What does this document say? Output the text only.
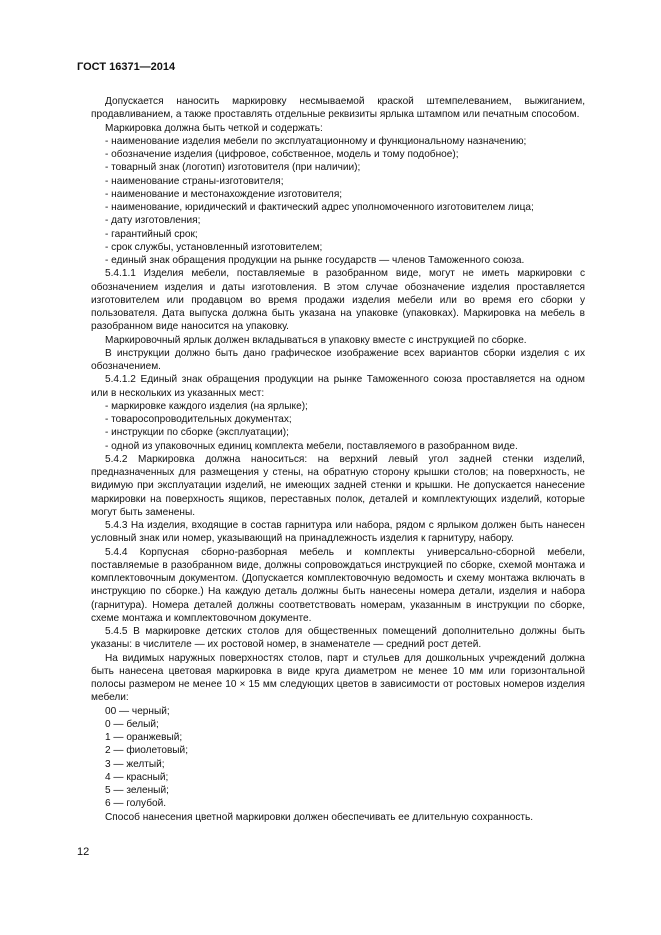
ГОСТ 16371—2014

Допускается наносить маркировку несмываемой краской штемпелеванием, выжиганием, продавливанием, а также проставлять отдельные реквизиты ярлыка штампом или печатным способом.

Маркировка должна быть четкой и содержать:

- наименование изделия мебели по эксплуатационному и функциональному назначению;

- обозначение изделия (цифровое, собственное, модель и тому подобное);

- товарный знак (логотип) изготовителя (при наличии);

- наименование страны-изготовителя;

- наименование и местонахождение изготовителя;

- наименование, юридический и фактический адрес уполномоченного изготовителем лица;

- дату изготовления;

- гарантийный срок;

- срок службы, установленный изготовителем;

- единый знак обращения продукции на рынке государств — членов Таможенного союза.

5.4.1.1 Изделия мебели, поставляемые в разобранном виде, могут не иметь маркировки с обозначением изделия и даты изготовления. В этом случае обозначение изделия проставляется изготовителем или продавцом во время продажи изделия мебели или во время его сборки у пользователя. Дата выпуска должна быть указана на упаковке (упаковках). Маркировка на мебель в разобранном виде наносится на упаковку.

Маркировочный ярлык должен вкладываться в упаковку вместе с инструкцией по сборке.

В инструкции должно быть дано графическое изображение всех вариантов сборки изделия с их обозначением.

5.4.1.2 Единый знак обращения продукции на рынке Таможенного союза проставляется на одном или в нескольких из указанных мест:

- маркировке каждого изделия (на ярлыке);

- товаросопроводительных документах;

- инструкции по сборке (эксплуатации);

- одной из упаковочных единиц комплекта мебели, поставляемого в разобранном виде.

5.4.2 Маркировка должна наноситься: на верхний левый угол задней стенки изделий, предназначенных для размещения у стены, на обратную сторону крышки столов; на поверхность, не видимую при эксплуатации изделий, не имеющих задней стенки и крышки. Не допускается нанесение маркировки на поверхность ящиков, переставных полок, деталей и комплектующих изделий, которые могут быть заменены.

5.4.3 На изделия, входящие в состав гарнитура или набора, рядом с ярлыком должен быть нанесен условный знак или номер, указывающий на принадлежность изделия к гарнитуру, набору.

5.4.4 Корпусная сборно-разборная мебель и комплекты универсально-сборной мебели, поставляемые в разобранном виде, должны сопровождаться инструкцией по сборке, схемой монтажа и комплектовочным документом. (Допускается комплектовочную ведомость и схему монтажа включать в инструкцию по сборке.) На каждую деталь должны быть нанесены номера детали, изделия и набора (гарнитура). Номера деталей должны соответствовать номерам, указанным в инструкции по сборке, схеме монтажа и комплектовочном документе.

5.4.5 В маркировке детских столов для общественных помещений дополнительно должны быть указаны: в числителе — их ростовой номер, в знаменателе — средний рост детей.

На видимых наружных поверхностях столов, парт и стульев для дошкольных учреждений должна быть нанесена цветовая маркировка в виде круга диаметром не менее 10 мм или горизонтальной полосы размером не менее 10 × 15 мм следующих цветов в зависимости от ростовых номеров изделия мебели:

00 — черный;

0 — белый;

1 — оранжевый;

2 — фиолетовый;

3 — желтый;

4 — красный;

5 — зеленый;

6 — голубой.

Способ нанесения цветной маркировки должен обеспечивать ее длительную сохранность.

12
